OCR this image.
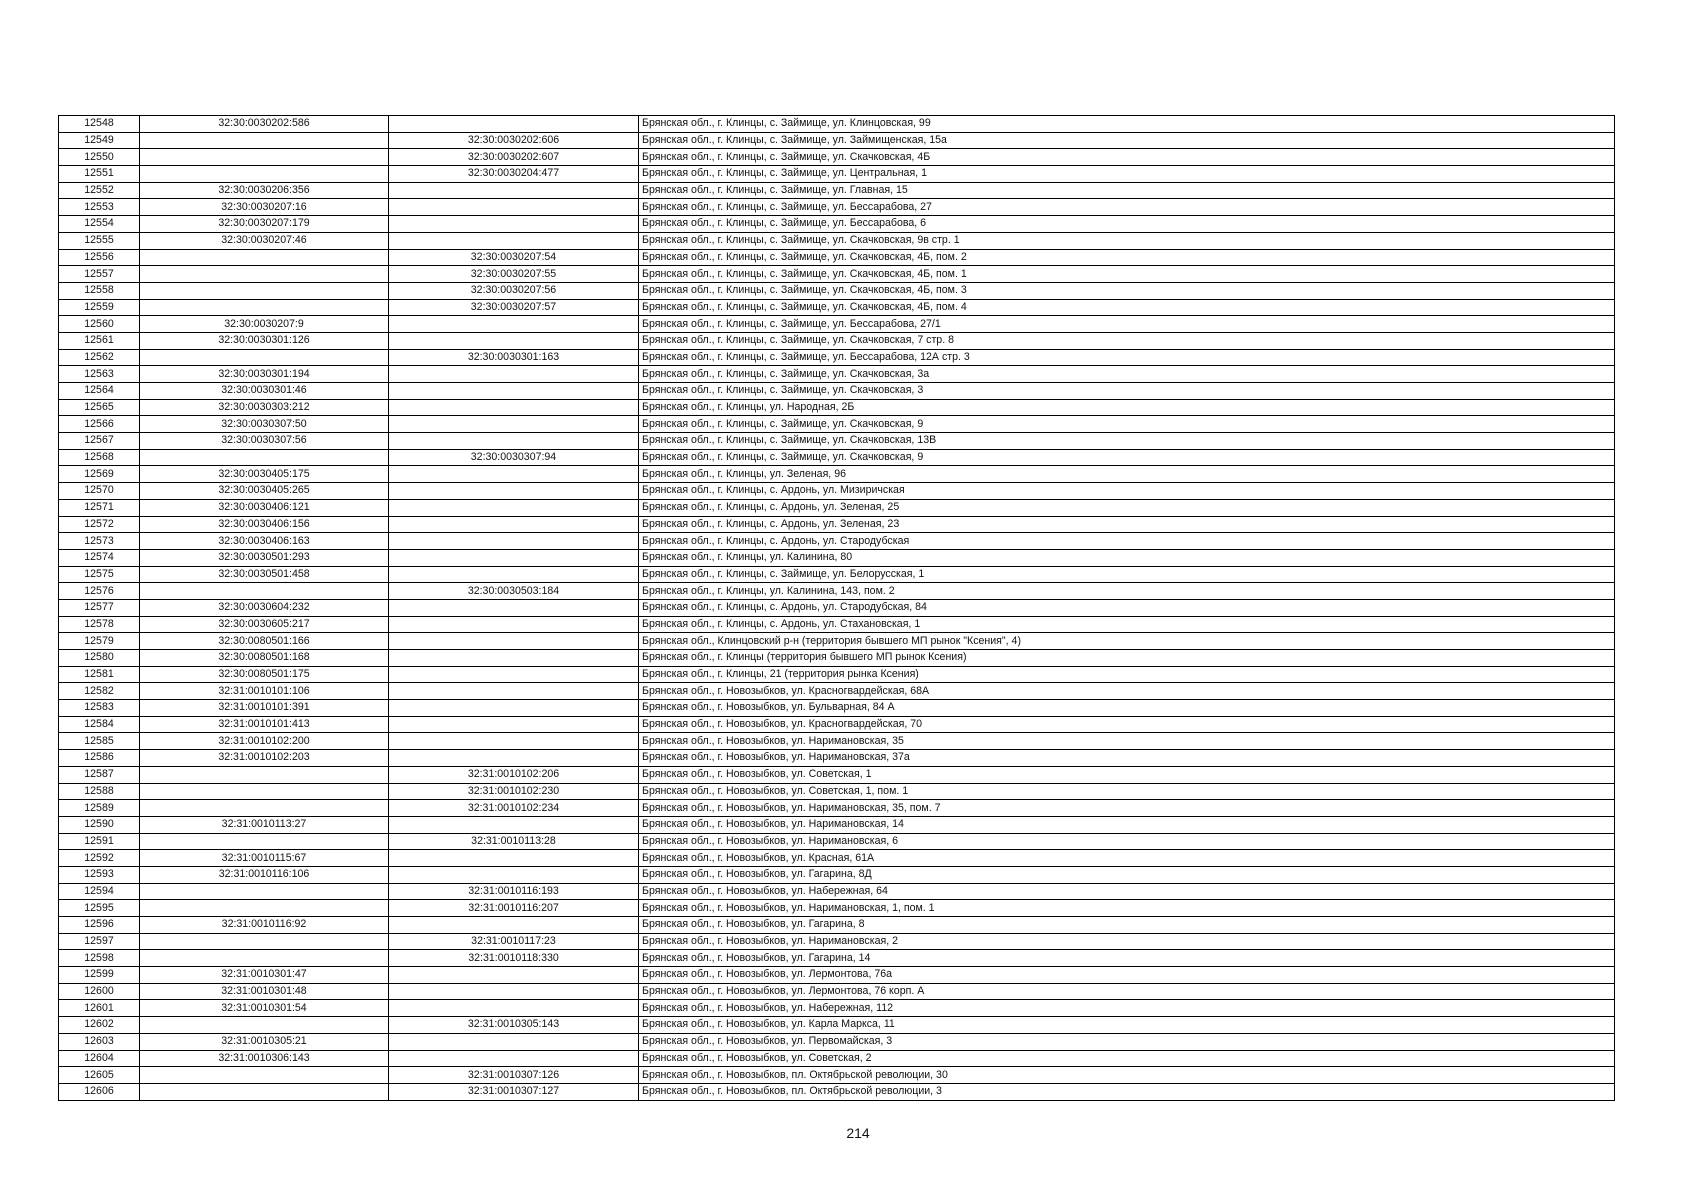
12548	32:30:0030202:586		Брянская обл., г. Клинцы, с. Займище, ул. Клинцовская, 99
12549		32:30:0030202:606	Брянская обл., г. Клинцы, с. Займище, ул. Займищенская, 15а
12550		32:30:0030202:607	Брянская обл., г. Клинцы, с. Займище, ул. Скачковская, 4Б
12551		32:30:0030204:477	Брянская обл., г. Клинцы, с. Займище, ул. Центральная, 1
12552	32:30:0030206:356		Брянская обл., г. Клинцы, с. Займище, ул. Главная, 15
12553	32:30:0030207:16		Брянская обл., г. Клинцы, с. Займище, ул. Бессарабова, 27
12554	32:30:0030207:179		Брянская обл., г. Клинцы, с. Займище, ул. Бессарабова, 6
12555	32:30:0030207:46		Брянская обл., г. Клинцы, с. Займище, ул. Скачковская, 9в стр. 1
12556		32:30:0030207:54	Брянская обл., г. Клинцы, с. Займище, ул. Скачковская, 4Б, пом. 2
12557		32:30:0030207:55	Брянская обл., г. Клинцы, с. Займище, ул. Скачковская, 4Б, пом. 1
12558		32:30:0030207:56	Брянская обл., г. Клинцы, с. Займище, ул. Скачковская, 4Б, пом. 3
12559		32:30:0030207:57	Брянская обл., г. Клинцы, с. Займище, ул. Скачковская, 4Б, пом. 4
12560	32:30:0030207:9		Брянская обл., г. Клинцы, с. Займище, ул. Бессарабова, 27/1
12561	32:30:0030301:126		Брянская обл., г. Клинцы, с. Займище, ул. Скачковская, 7 стр. 8
12562		32:30:0030301:163	Брянская обл., г. Клинцы, с. Займище, ул. Бессарабова, 12А стр. 3
12563	32:30:0030301:194		Брянская обл., г. Клинцы, с. Займище, ул. Скачковская, 3а
12564	32:30:0030301:46		Брянская обл., г. Клинцы, с. Займище, ул. Скачковская, 3
12565	32:30:0030303:212		Брянская обл., г. Клинцы, ул. Народная, 2Б
12566	32:30:0030307:50		Брянская обл., г. Клинцы, с. Займище, ул. Скачковская, 9
12567	32:30:0030307:56		Брянская обл., г. Клинцы, с. Займище, ул. Скачковская, 13В
12568		32:30:0030307:94	Брянская обл., г. Клинцы, с. Займище, ул. Скачковская, 9
12569	32:30:0030405:175		Брянская обл., г. Клинцы, ул. Зеленая, 96
12570	32:30:0030405:265		Брянская обл., г. Клинцы, с. Ардонь, ул. Мизиричская
12571	32:30:0030406:121		Брянская обл., г. Клинцы, с. Ардонь, ул. Зеленая, 25
12572	32:30:0030406:156		Брянская обл., г. Клинцы, с. Ардонь, ул. Зеленая, 23
12573	32:30:0030406:163		Брянская обл., г. Клинцы, с. Ардонь, ул. Стародубская
12574	32:30:0030501:293		Брянская обл., г. Клинцы, ул. Калинина, 80
12575	32:30:0030501:458		Брянская обл., г. Клинцы, с. Займище, ул. Белорусская, 1
12576		32:30:0030503:184	Брянская обл., г. Клинцы, ул. Калинина, 143, пом. 2
12577	32:30:0030604:232		Брянская обл., г. Клинцы, с. Ардонь, ул. Стародубская, 84
12578	32:30:0030605:217		Брянская обл., г. Клинцы, с. Ардонь, ул. Стахановская, 1
12579	32:30:0080501:166		Брянская обл., Клинцовский р-н (территория бывшего МП рынок "Ксения", 4)
12580	32:30:0080501:168		Брянская обл., г. Клинцы (территория бывшего МП рынок Ксения)
12581	32:30:0080501:175		Брянская обл., г. Клинцы, 21 (территория рынка Ксения)
12582	32:31:0010101:106		Брянская обл., г. Новозыбков, ул. Красногвардейская, 68А
12583	32:31:0010101:391		Брянская обл., г. Новозыбков, ул. Бульварная, 84 А
12584	32:31:0010101:413		Брянская обл., г. Новозыбков, ул. Красногвардейская, 70
12585	32:31:0010102:200		Брянская обл., г. Новозыбков, ул. Наримановская, 35
12586	32:31:0010102:203		Брянская обл., г. Новозыбков, ул. Наримановская, 37а
12587		32:31:0010102:206	Брянская обл., г. Новозыбков, ул. Советская, 1
12588		32:31:0010102:230	Брянская обл., г. Новозыбков, ул. Советская, 1, пом. 1
12589		32:31:0010102:234	Брянская обл., г. Новозыбков, ул. Наримановская, 35, пом. 7
12590	32:31:0010113:27		Брянская обл., г. Новозыбков, ул. Наримановская, 14
12591		32:31:0010113:28	Брянская обл., г. Новозыбков, ул. Наримановская, 6
12592	32:31:0010115:67		Брянская обл., г. Новозыбков, ул. Красная, 61А
12593	32:31:0010116:106		Брянская обл., г. Новозыбков, ул. Гагарина, 8Д
12594		32:31:0010116:193	Брянская обл., г. Новозыбков, ул. Набережная, 64
12595		32:31:0010116:207	Брянская обл., г. Новозыбков, ул. Наримановская, 1, пом. 1
12596	32:31:0010116:92		Брянская обл., г. Новозыбков, ул. Гагарина, 8
12597		32:31:0010117:23	Брянская обл., г. Новозыбков, ул. Наримановская, 2
12598		32:31:0010118:330	Брянская обл., г. Новозыбков, ул. Гагарина, 14
12599	32:31:0010301:47		Брянская обл., г. Новозыбков, ул. Лермонтова, 76а
12600	32:31:0010301:48		Брянская обл., г. Новозыбков, ул. Лермонтова, 76 корп. А
12601	32:31:0010301:54		Брянская обл., г. Новозыбков, ул. Набережная, 112
12602		32:31:0010305:143	Брянская обл., г. Новозыбков, ул. Карла Маркса, 11
12603	32:31:0010305:21		Брянская обл., г. Новозыбков, ул. Первомайская, 3
12604	32:31:0010306:143		Брянская обл., г. Новозыбков, ул. Советская, 2
12605		32:31:0010307:126	Брянская обл., г. Новозыбков, пл. Октябрьской революции, 30
12606		32:31:0010307:127	Брянская обл., г. Новозыбков, пл. Октябрьской революции, 3
214
